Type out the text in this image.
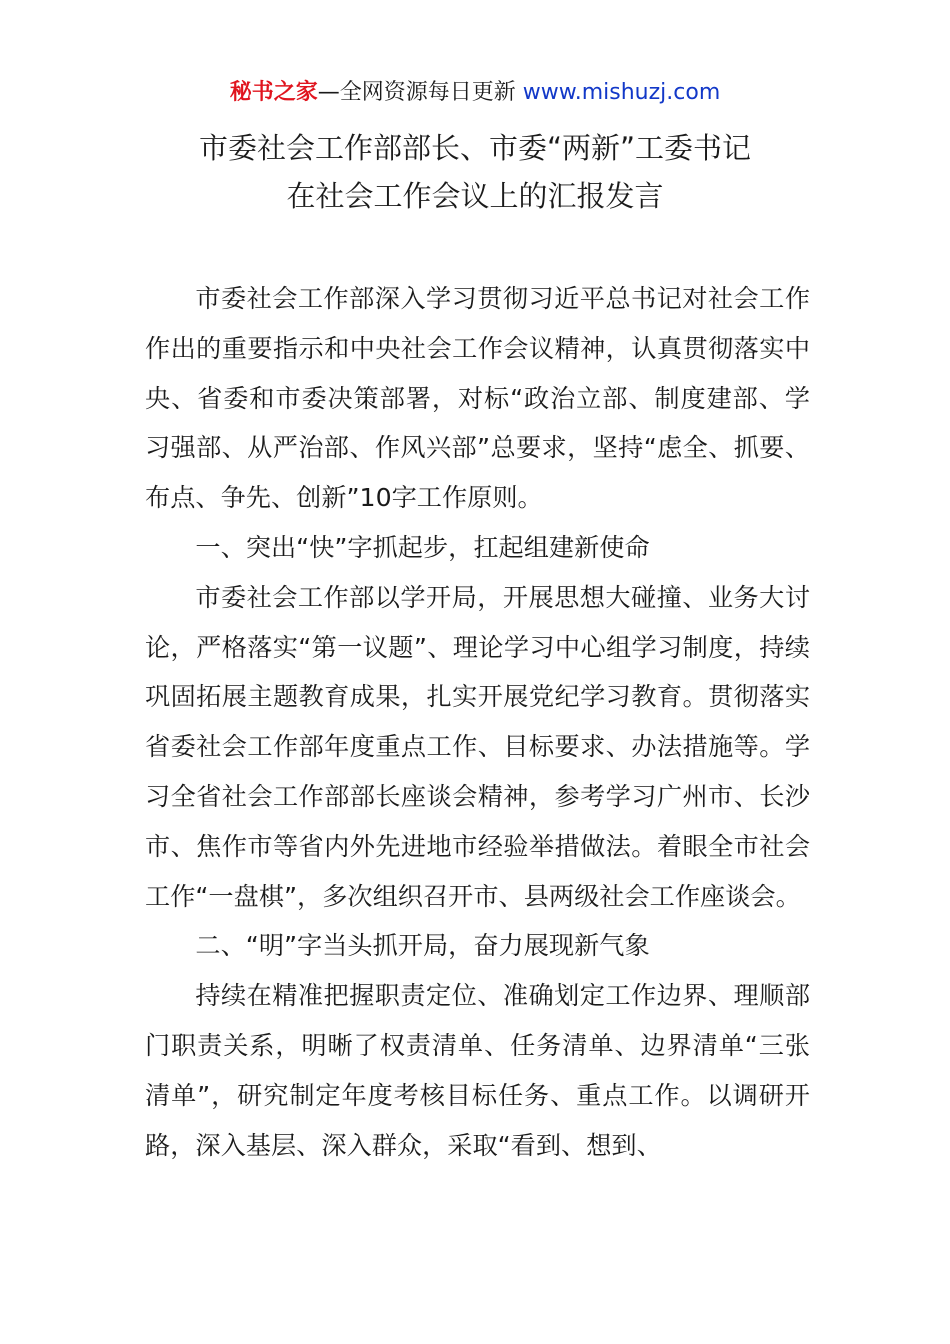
秘书之家—全网资源每日更新 www.mishuzj.com
市委社会工作部部长、市委“两新”工委书记
在社会工作会议上的汇报发言

市委社会工作部深入学习贯彻习近平总书记对社会工作作出的重要指示和中央社会工作会议精神，认真贯彻落实中央、省委和市委决策部署，对标“政治立部、制度建部、学习强部、从严治部、作风兴部”总要求，坚持“虑全、抓要、布点、争先、创新”10字工作原则。

一、突出“快”字抓起步，扛起组建新使命

市委社会工作部以学开局，开展思想大碰撞、业务大讨论，严格落实“第一议题”、理论学习中心组学习制度，持续巩固拓展主题教育成果，扎实开展党纪学习教育。贯彻落实省委社会工作部年度重点工作、目标要求、办法措施等。学习全省社会工作部部长座谈会精神，参考学习广州市、长沙市、焦作市等省内外先进地市经验举措做法。着眼全市社会工作“一盘棋”，多次组织召开市、县两级社会工作座谈会。

二、“明”字当头抓开局，奋力展现新气象

持续在精准把握职责定位、准确划定工作边界、理顺部门职责关系，明晰了权责清单、任务清单、边界清单“三张清单”，研究制定年度考核目标任务、重点工作。以调研开路，深入基层、深入群众，采取“看到、想到、
